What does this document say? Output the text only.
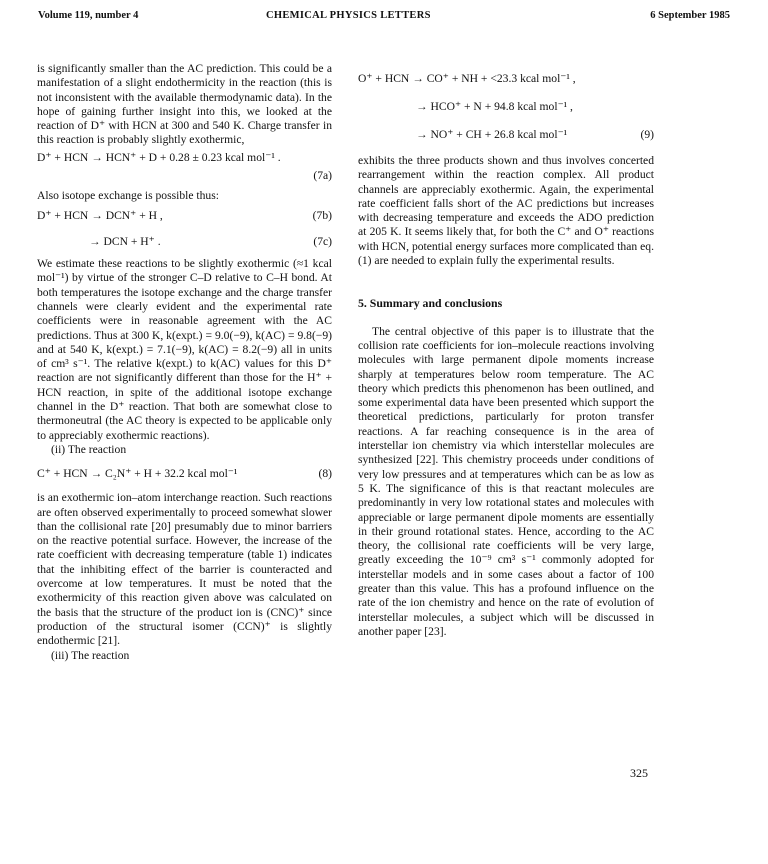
Volume 119, number 4	CHEMICAL PHYSICS LETTERS	6 September 1985

is significantly smaller than the AC prediction. This could be a manifestation of a slight endothermicity in the reaction (this is not inconsistent with the available thermodynamic data). In the hope of gaining further insight into this, we looked at the reaction of D⁺ with HCN at 300 and 540 K. Charge transfer in this reaction is probably slightly exothermic,

D⁺ + HCN → HCN⁺ + D + 0.28 ± 0.23 kcal mol⁻¹ .
(7a)

Also isotope exchange is possible thus:

D⁺ + HCN → DCN⁺ + H ,	(7b)
→ DCN + H⁺ .	(7c)

We estimate these reactions to be slightly exothermic (≈1 kcal mol⁻¹) by virtue of the stronger C–D relative to C–H bond. At both temperatures the isotope exchange and the charge transfer channels were clearly evident and the experimental rate coefficients were in reasonable agreement with the AC predictions. Thus at 300 K, k(expt.) = 9.0(−9), k(AC) = 9.8(−9) and at 540 K, k(expt.) = 7.1(−9), k(AC) = 8.2(−9) all in units of cm³ s⁻¹. The relative k(expt.) to k(AC) values for this D⁺ reaction are not significantly different than those for the H⁺ + HCN reaction, in spite of the additional isotope exchange channel in the D⁺ reaction. That both are somewhat close to thermoneutral (the AC theory is expected to be applicable only to appreciably exothermic reactions).

(ii) The reaction

C⁺ + HCN → C₂N⁺ + H + 32.2 kcal mol⁻¹	(8)

is an exothermic ion–atom interchange reaction. Such reactions are often observed experimentally to proceed somewhat slower than the collisional rate [20] presumably due to minor barriers on the reactive potential surface. However, the increase of the rate coefficient with decreasing temperature (table 1) indicates that the inhibiting effect of the barrier is counteracted and overcome at low temperatures. It must be noted that the exothermicity of this reaction given above was calculated on the basis that the structure of the product ion is (CNC)⁺ since production of the structural isomer (CCN)⁺ is slightly endothermic [21].

(iii) The reaction

O⁺ + HCN → CO⁺ + NH + <23.3 kcal mol⁻¹ ,
→ HCO⁺ + N + 94.8 kcal mol⁻¹ ,
→ NO⁺ + CH + 26.8 kcal mol⁻¹	(9)

exhibits the three products shown and thus involves concerted rearrangement within the reaction complex. All product channels are appreciably exothermic. Again, the experimental rate coefficient falls short of the AC predictions but increases with decreasing temperature and exceeds the ADO prediction at 205 K. It seems likely that, for both the C⁺ and O⁺ reactions with HCN, potential energy surfaces more complicated than eq. (1) are needed to explain fully the experimental results.

5. Summary and conclusions

The central objective of this paper is to illustrate that the collision rate coefficients for ion–molecule reactions involving molecules with large permanent dipole moments increase sharply at temperatures below room temperature. The AC theory which predicts this phenomenon has been outlined, and some experimental data have been presented which support the theoretical predictions, particularly for proton transfer reactions. A far reaching consequence is in the area of interstellar ion chemistry via which interstellar molecules are synthesized [22]. This chemistry proceeds under conditions of very low pressures and at temperatures which can be as low as 5 K. The significance of this is that reactant molecules are predominantly in very low rotational states and molecules with appreciable or large permanent dipole moments are essentially in their ground rotational states. Hence, according to the AC theory, the collisional rate coefficients will be very large, greatly exceeding the 10⁻⁹ cm³ s⁻¹ commonly adopted for interstellar models and in some cases about a factor of 100 greater than this value. This has a profound influence on the rate of the ion chemistry and hence on the rate of evolution of interstellar molecules, a subject which will be discussed in another paper [23].

325
